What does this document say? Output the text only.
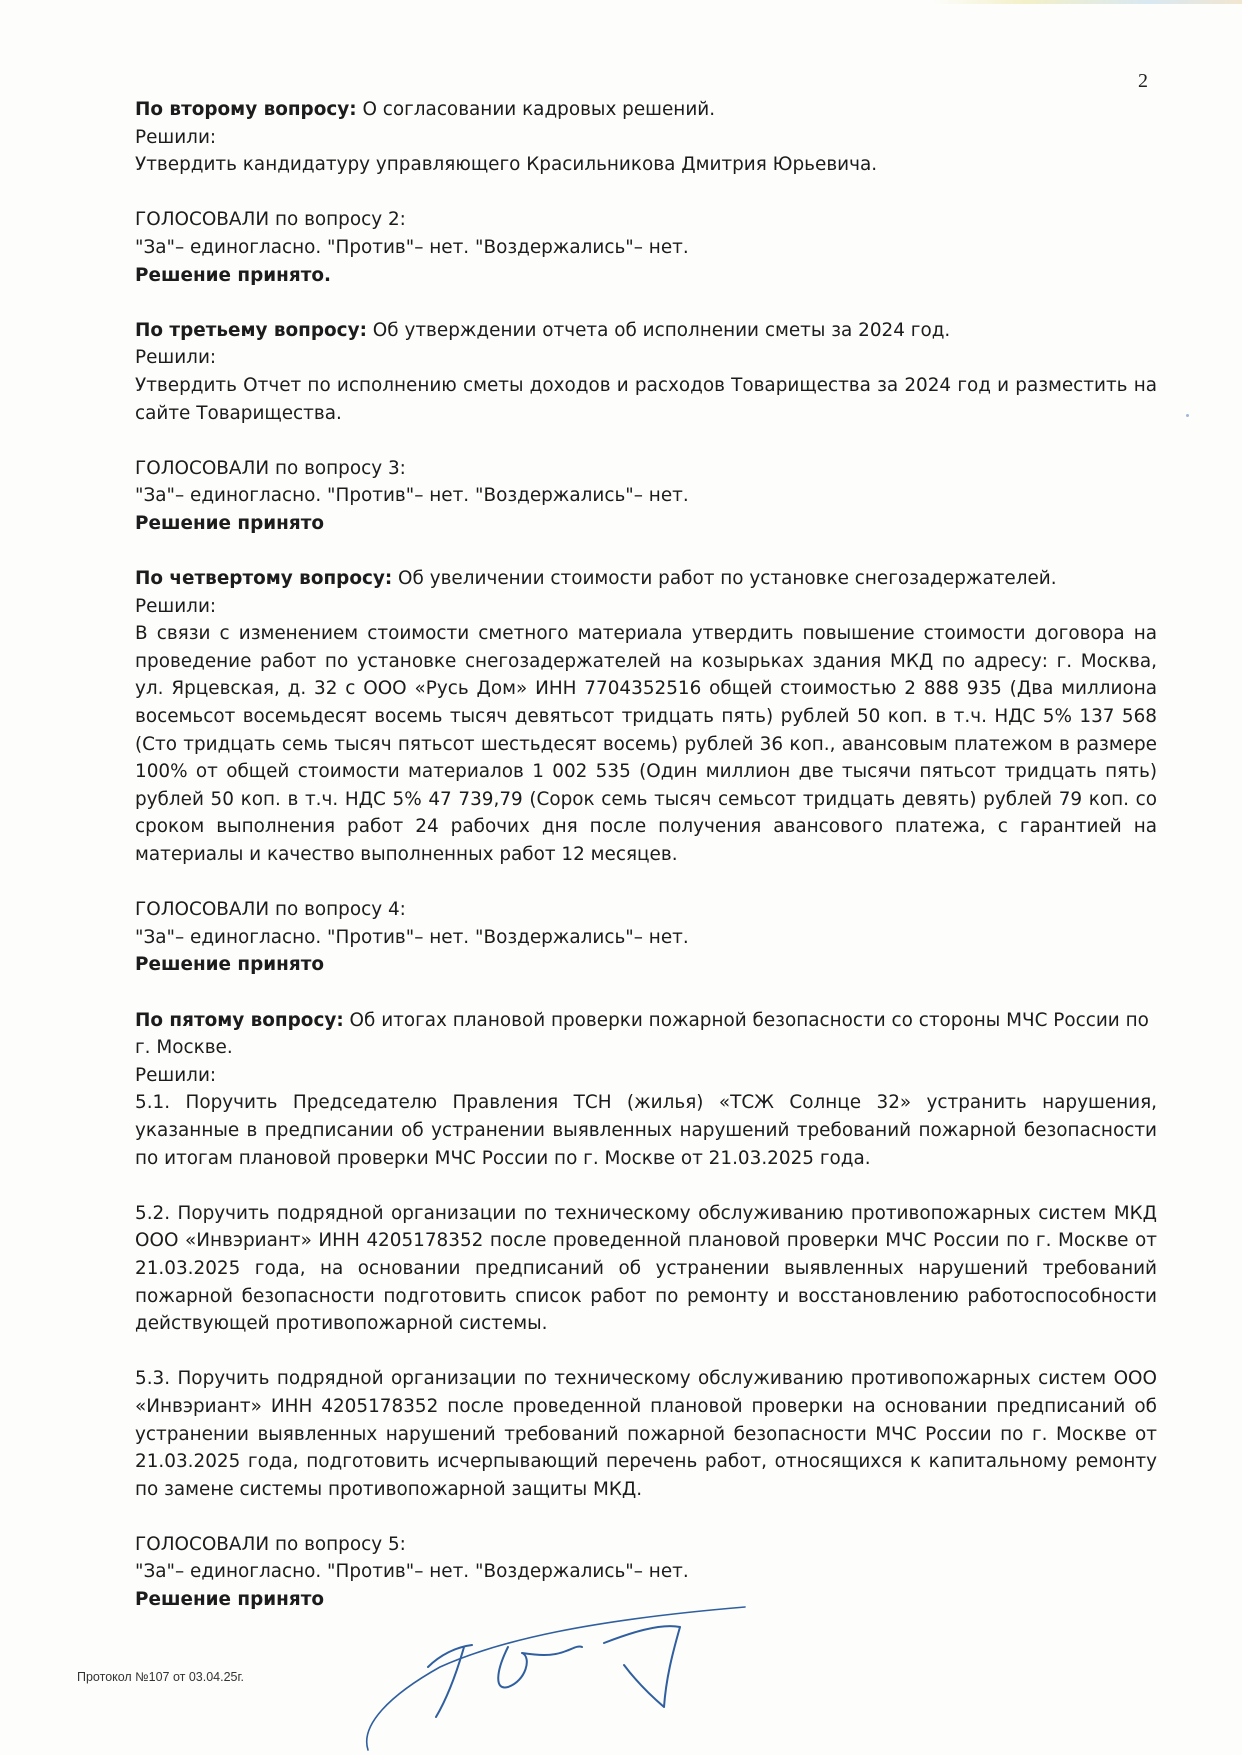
2

По второму вопросу: О согласовании кадровых решений.

Решили:

Утвердить кандидатуру управляющего Красильникова Дмитрия Юрьевича.

ГОЛОСОВАЛИ по вопросу 2:

"За"– единогласно. "Против"– нет. "Воздержались"– нет.

Решение принято.

По третьему вопросу: Об утверждении отчета об исполнении сметы за 2024 год.

Решили:

Утвердить Отчет по исполнению сметы доходов и расходов Товарищества за 2024 год и разместить на сайте Товарищества.

ГОЛОСОВАЛИ по вопросу 3:

"За"– единогласно. "Против"– нет. "Воздержались"– нет.

Решение принято

По четвертому вопросу: Об увеличении стоимости работ по установке снегозадержателей.

Решили:

В связи с изменением стоимости сметного материала утвердить повышение стоимости договора на проведение работ по установке снегозадержателей на козырьках здания МКД по адресу: г. Москва, ул. Ярцевская, д. 32 с ООО «Русь Дом» ИНН 7704352516 общей стоимостью 2 888 935 (Два миллиона восемьсот восемьдесят восемь тысяч девятьсот тридцать пять) рублей 50 коп. в т.ч. НДС 5% 137 568 (Сто тридцать семь тысяч пятьсот шестьдесят восемь) рублей 36 коп., авансовым платежом в размере 100% от общей стоимости материалов 1 002 535 (Один миллион две тысячи пятьсот тридцать пять) рублей 50 коп. в т.ч. НДС 5% 47 739,79 (Сорок семь тысяч семьсот тридцать девять) рублей 79 коп. со сроком выполнения работ 24 рабочих дня после получения авансового платежа, с гарантией на материалы и качество выполненных работ 12 месяцев.

ГОЛОСОВАЛИ по вопросу 4:

"За"– единогласно. "Против"– нет. "Воздержались"– нет.

Решение принято

По пятому вопросу: Об итогах плановой проверки пожарной безопасности со стороны МЧС России по г. Москве.

Решили:

5.1. Поручить Председателю Правления ТСН (жилья) «ТСЖ Солнце 32» устранить нарушения, указанные в предписании об устранении выявленных нарушений требований пожарной безопасности по итогам плановой проверки МЧС России по г. Москве от 21.03.2025 года.

5.2. Поручить подрядной организации по техническому обслуживанию противопожарных систем МКД ООО «Инвэриант» ИНН 4205178352 после проведенной плановой проверки МЧС России по г. Москве от 21.03.2025 года, на основании предписаний об устранении выявленных нарушений требований пожарной безопасности подготовить список работ по ремонту и восстановлению работоспособности действующей противопожарной системы.

5.3. Поручить подрядной организации по техническому обслуживанию противопожарных систем ООО «Инвэриант» ИНН 4205178352 после проведенной плановой проверки на основании предписаний об устранении выявленных нарушений требований пожарной безопасности МЧС России по г. Москве от 21.03.2025 года, подготовить исчерпывающий перечень работ, относящихся к капитальному ремонту по замене системы противопожарной защиты МКД.

ГОЛОСОВАЛИ по вопросу 5:

"За"– единогласно. "Против"– нет. "Воздержались"– нет.

Решение принято

Протокол №107 от 03.04.25г.
